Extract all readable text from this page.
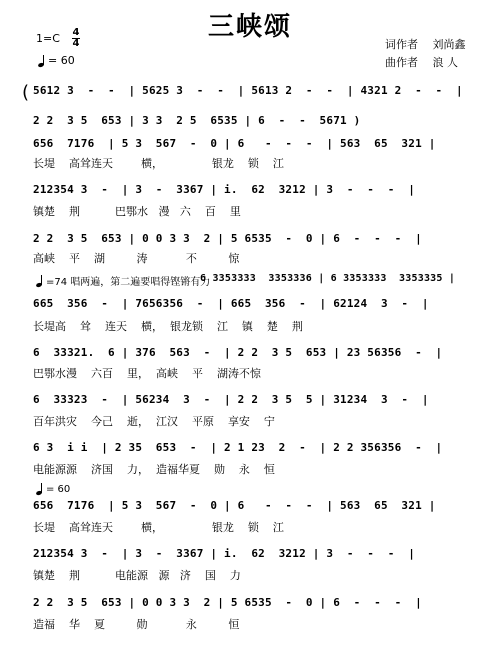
三峡颂
1=C 4
4
= 60
词作者 刘尚鑫
曲作者 浪 人
( 5612 3  -  -  | 5625 3  -  -  | 5613 2  -  -  | 4321 2  -  -  |
2 2  3 5  653 | 3 3  2 5  6535 | 6  -  -  5671 )
656  7176  | 5 3  567  -  0 | 6   -  -  -  | 563  65  321 |
长堤    高耸连天        横，              银龙    锁    江
212354 3  -  | 3  -  3367 | i.  62  3212 | 3  -  -  -  |
镇楚    荆          巴鄂水   漫   六    百    里
2 2  3 5  653 | 0 0 3 3  2 | 5 6535  -  0 | 6  -  -  -  |
高峡    平    湖         涛           不         惊
=74 唱两遍，第二遍要唱得铿锵有力
6 3353333  3353336 | 6 3353333  3353335 |
665  356  -  | 7656356  -  | 665  356  -  | 62124  3  -  |
长堤高    耸    连天    横，  银龙锁    江    镇    楚    荆
6  33321.  6 | 376  563  -  | 2 2  3 5  653 | 23 56356  -  |
巴鄂水漫    六百    里，  高峡    平    湖涛不惊
6  33323  -  | 56234  3  -  | 2 2  3 5  5 | 31234  3  -  |
百年洪灾    今己    逝，  江汉    平原    享安    宁
6 3  i i  | 2 35  653  -  | 2 1 23  2  -  | 2 2 356356  -  |
电能源源    济国    力，  造福华夏    勋    永    恒
= 60
656  7176  | 5 3  567  -  0 | 6   -  -  -  | 563  65  321 |
长堤    高耸连天        横，              银龙    锁    江
212354 3  -  | 3  -  3367 | i.  62  3212 | 3  -  -  -  |
镇楚    荆          电能源   源   济    国    力
2 2  3 5  653 | 0 0 3 3  2 | 5 6535  -  0 | 6  -  -  -  |
造福    华    夏         勋           永         恒
